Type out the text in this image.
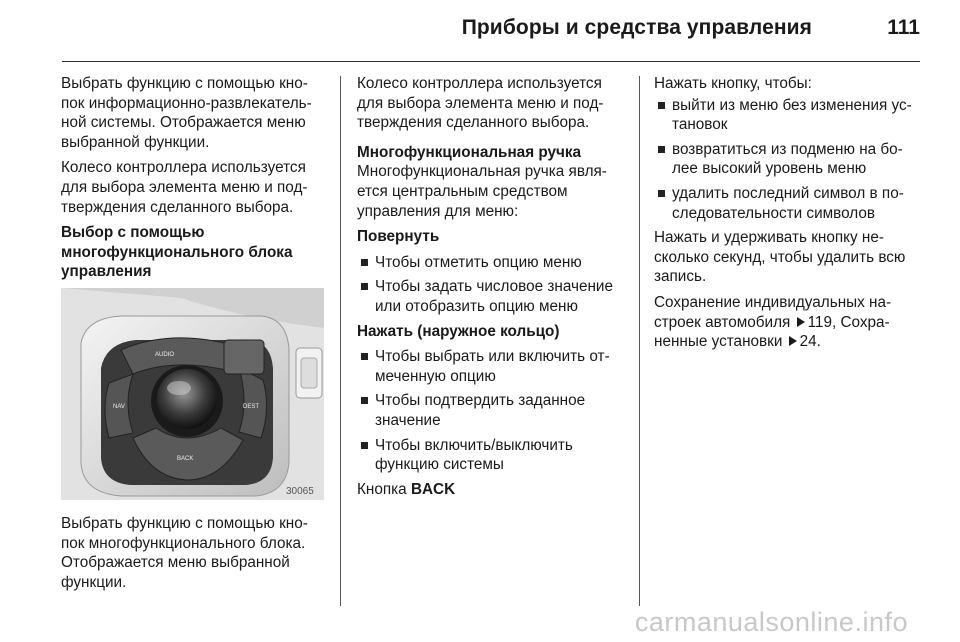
Приборы и средства управления	111

Выбрать функцию с помощью кно-пок информационно-развлекатель-ной системы. Отображается меню выбранной функции.

Колесо контроллера используется для выбора элемента меню и под-тверждения сделанного выбора.

Выбор с помощью многофункционального блока управления

AUDIO
NAV	DEST
BACK
30065

Выбрать функцию с помощью кно-пок многофункционального блока. Отображается меню выбранной функции.

Колесо контроллера используется для выбора элемента меню и под-тверждения сделанного выбора.

Многофункциональная ручка

Многофункциональная ручка явля-ется центральным средством управления для меню:

Повернуть

Чтобы отметить опцию меню
Чтобы задать числовое значение или отобразить опцию меню

Нажать (наружное кольцо)

Чтобы выбрать или включить от-меченную опцию
Чтобы подтвердить заданное значение
Чтобы включить/выключить функцию системы

Кнопка BACK

Нажать кнопку, чтобы:

выйти из меню без изменения ус-тановок
возвратиться из подменю на бо-лее высокий уровень меню
удалить последний символ в по-следовательности символов

Нажать и удерживать кнопку не-сколько секунд, чтобы удалить всю запись.

Сохранение индивидуальных на-строек автомобиля 119, Сохра-ненные установки 24.

carmanualsonline.info
